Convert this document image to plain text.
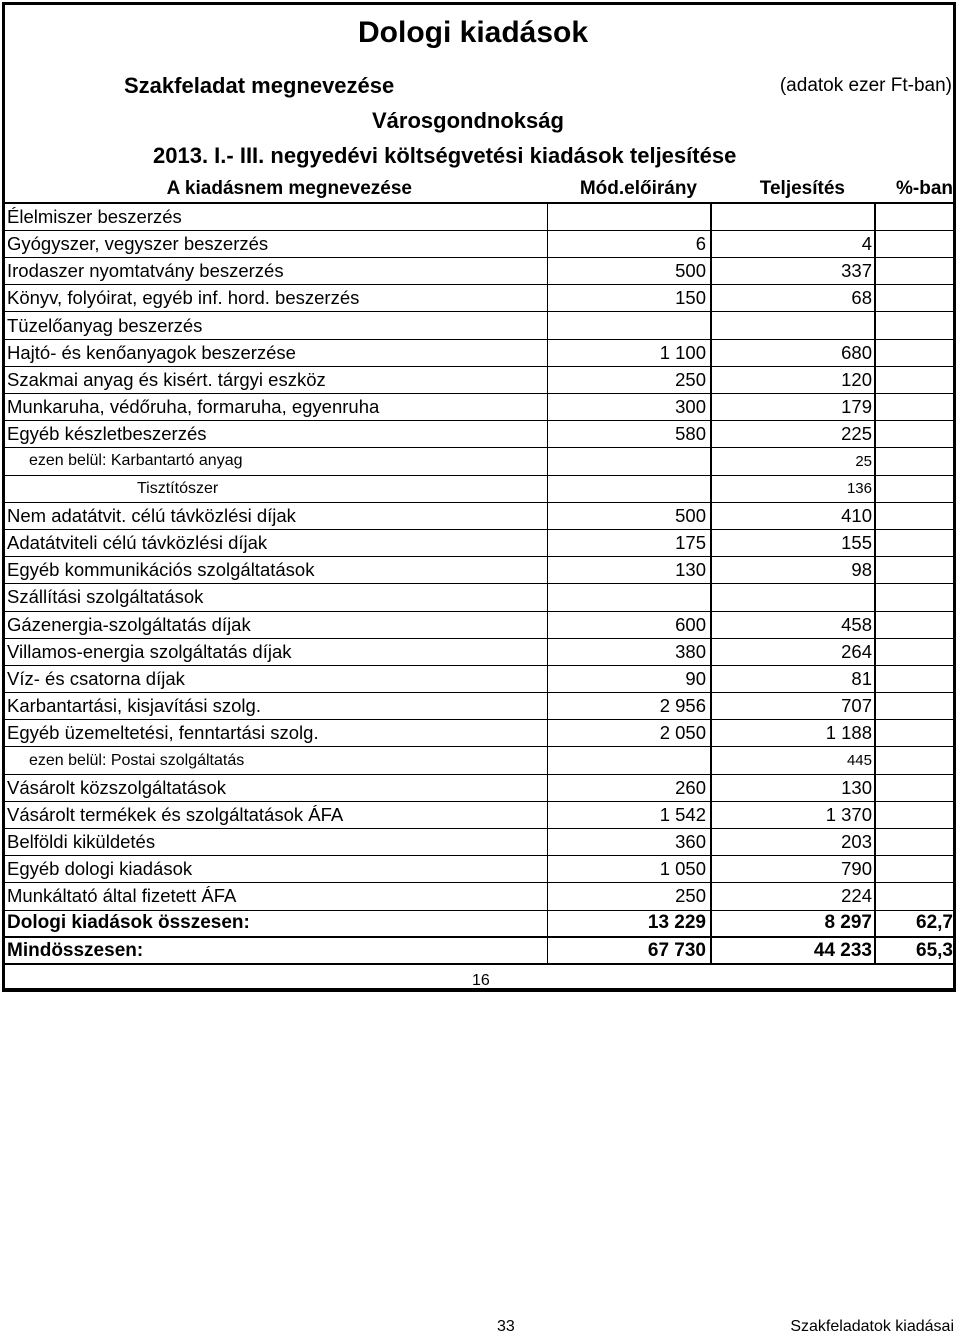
Dologi kiadások
Szakfeladat megnevezése	(adatok ezer Ft-ban)
Városgondnokság
2013. I.- III. negyedévi költségvetési kiadások teljesítése
A kiadásnem megnevezése	Mód.előirány	Teljesítés	%-ban
Élelmiszer beszerzés			
Gyógyszer, vegyszer beszerzés	6	4	
Irodaszer nyomtatvány beszerzés	500	337	
Könyv, folyóirat, egyéb inf. hord. beszerzés	150	68	
Tüzelőanyag beszerzés			
Hajtó- és kenőanyagok beszerzése	1 100	680	
Szakmai anyag és kisért. tárgyi eszköz	250	120	
Munkaruha, védőruha, formaruha, egyenruha	300	179	
Egyéb készletbeszerzés	580	225	
ezen belül: Karbantartó anyag		25	
Tisztítószer		136	
Nem adatátvit. célú távközlési díjak	500	410	
Adatátviteli célú távközlési díjak	175	155	
Egyéb kommunikációs szolgáltatások	130	98	
Szállítási szolgáltatások			
Gázenergia-szolgáltatás díjak	600	458	
Villamos-energia szolgáltatás díjak	380	264	
Víz- és csatorna díjak	90	81	
Karbantartási, kisjavítási szolg.	2 956	707	
Egyéb üzemeltetési, fenntartási szolg.	2 050	1 188	
ezen belül: Postai szolgáltatás		445	
Vásárolt közszolgáltatások	260	130	
Vásárolt termékek és szolgáltatások ÁFA	1 542	1 370	
Belföldi kiküldetés	360	203	
Egyéb dologi kiadások	1 050	790	
Munkáltató által fizetett ÁFA	250	224	
Dologi kiadások összesen:	13 229	8 297	62,7
Mindösszesen:	67 730	44 233	65,3
16
33	Szakfeladatok kiadásai
